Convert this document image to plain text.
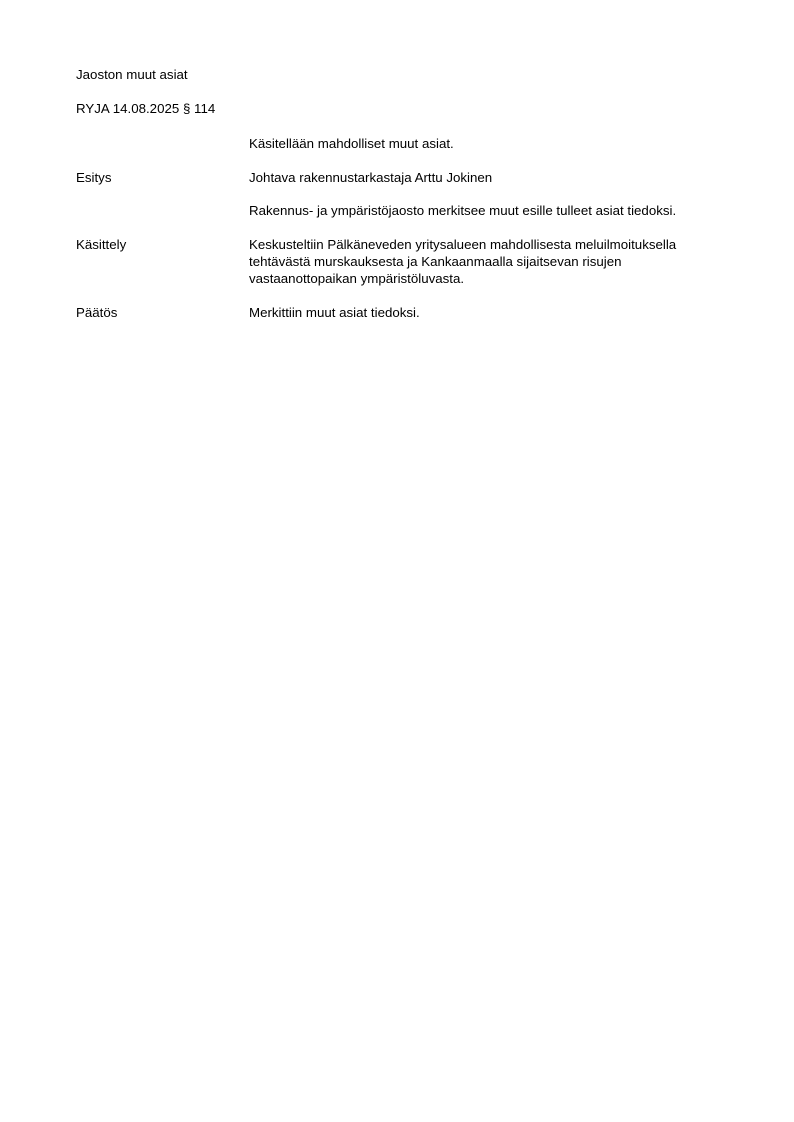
Jaoston muut asiat
RYJA 14.08.2025 § 114
Käsitellään mahdolliset muut asiat.
Esitys	Johtava rakennustarkastaja Arttu Jokinen
Rakennus- ja ympäristöjaosto merkitsee muut esille tulleet asiat tiedoksi.
Käsittely	Keskusteltiin Pälkäneveden yritysalueen mahdollisesta meluilmoituksella
tehtävästä murskauksesta ja Kankaanmaalla sijaitsevan risujen
vastaanottopaikan ympäristöluvasta.
Päätös	Merkittiin muut asiat tiedoksi.
